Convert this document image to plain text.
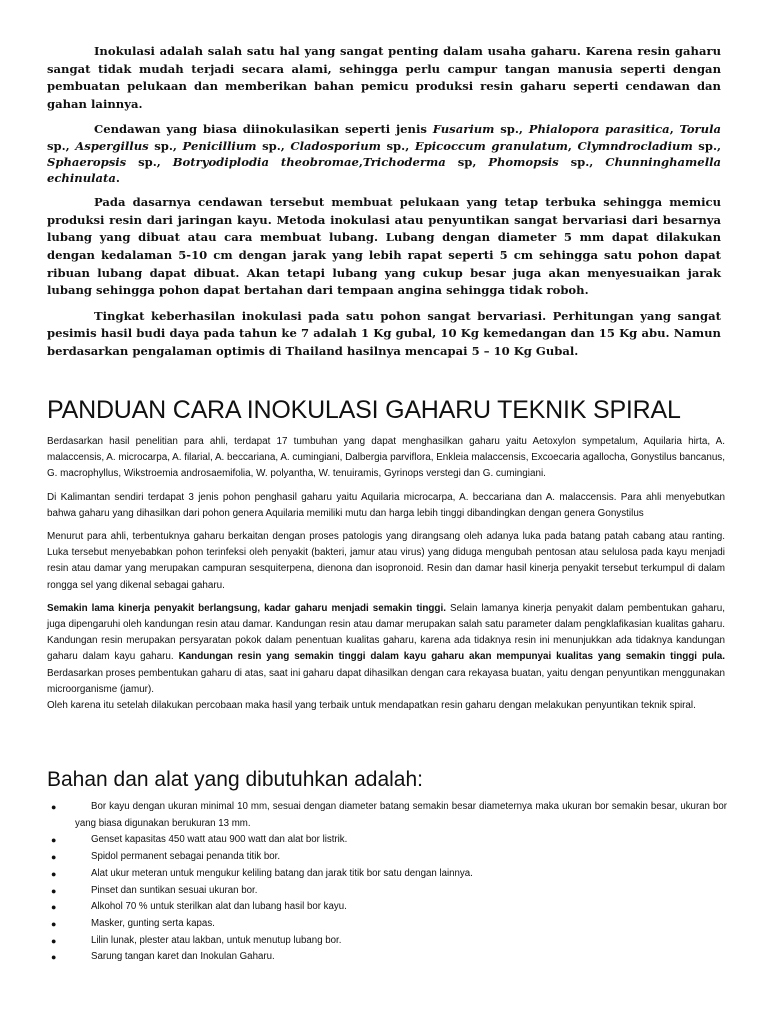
Inokulasi adalah salah satu hal yang sangat penting dalam usaha gaharu. Karena resin gaharu sangat tidak mudah terjadi secara alami, sehingga perlu campur tangan manusia seperti dengan pembuatan pelukaan dan memberikan bahan pemicu produksi resin gaharu seperti cendawan dan gahan lainnya.

Cendawan yang biasa diinokulasikan seperti jenis Fusarium sp., Phialopora parasitica, Torula sp., Aspergillus sp., Penicillium sp., Cladosporium sp., Epicoccum granulatum, Clymndrocladium sp., Sphaeropsis sp., Botryodiplodia theobromae,Trichoderma sp, Phomopsis sp., Chunninghamella echinulata.

Pada dasarnya cendawan tersebut membuat pelukaan yang tetap terbuka sehingga memicu produksi resin dari jaringan kayu. Metoda inokulasi atau penyuntikan sangat bervariasi dari besarnya lubang yang dibuat atau cara membuat lubang. Lubang dengan diameter 5 mm dapat dilakukan dengan kedalaman 5-10 cm dengan jarak yang lebih rapat seperti 5 cm sehingga satu pohon dapat ribuan lubang dapat dibuat. Akan tetapi lubang yang cukup besar juga akan menyesuaikan jarak lubang sehingga pohon dapat bertahan dari tempaan angina sehingga tidak roboh.

Tingkat keberhasilan inokulasi pada satu pohon sangat bervariasi. Perhitungan yang sangat pesimis hasil budi daya pada tahun ke 7 adalah 1 Kg gubal, 10 Kg kemedangan dan 15 Kg abu. Namun berdasarkan pengalaman optimis di Thailand hasilnya mencapai 5 – 10 Kg Gubal.

PANDUAN CARA INOKULASI GAHARU TEKNIK SPIRAL

Berdasarkan hasil penelitian para ahli, terdapat 17 tumbuhan yang dapat menghasilkan gaharu yaitu Aetoxylon sympetalum, Aquilaria hirta, A. malaccensis, A. microcarpa, A. filarial, A. beccariana, A. cumingiani, Dalbergia parviflora, Enkleia malaccensis, Excoecaria agallocha, Gonystilus bancanus, G. macrophyllus, Wikstroemia androsaemifolia, W. polyantha, W. tenuiramis, Gyrinops verstegi dan G. cumingiani.

Di Kalimantan sendiri terdapat 3 jenis pohon penghasil gaharu yaitu Aquilaria microcarpa, A. beccariana dan A. malaccensis. Para ahli menyebutkan bahwa gaharu yang dihasilkan dari pohon genera Aquilaria memiliki mutu dan harga lebih tinggi dibandingkan dengan genera Gonystilus

Menurut para ahli, terbentuknya gaharu berkaitan dengan proses patologis yang dirangsang oleh adanya luka pada batang patah cabang atau ranting. Luka tersebut menyebabkan pohon terinfeksi oleh penyakit (bakteri, jamur atau virus) yang diduga mengubah pentosan atau selulosa pada kayu menjadi resin atau damar yang merupakan campuran sesquiterpena, dienona dan isopronoid. Resin dan damar hasil kinerja penyakit tersebut terkumpul di dalam rongga sel yang dikenal sebagai gaharu.

Semakin lama kinerja penyakit berlangsung, kadar gaharu menjadi semakin tinggi. Selain lamanya kinerja penyakit dalam pembentukan gaharu, juga dipengaruhi oleh kandungan resin atau damar. Kandungan resin atau damar merupakan salah satu parameter dalam pengklafikasian kualitas gaharu. Kandungan resin merupakan persyaratan pokok dalam penentuan kualitas gaharu, karena ada tidaknya resin ini menunjukkan ada tidaknya kandungan gaharu dalam kayu gaharu. Kandungan resin yang semakin tinggi dalam kayu gaharu akan mempunyai kualitas yang semakin tinggi pula. Berdasarkan proses pembentukan gaharu di atas, saat ini gaharu dapat dihasilkan dengan cara rekayasa buatan, yaitu dengan penyuntikan menggunakan microorganisme (jamur).

Oleh karena itu setelah dilakukan percobaan maka hasil yang terbaik untuk mendapatkan resin gaharu dengan melakukan penyuntikan teknik spiral.

Bahan dan alat yang dibutuhkan adalah:
●	Bor kayu dengan ukuran minimal 10 mm, sesuai dengan diameter batang semakin besar diameternya maka ukuran bor semakin besar, ukuran bor yang biasa digunakan berukuran 13 mm.
●	Genset kapasitas 450 watt atau 900 watt dan alat bor listrik.
●	Spidol permanent sebagai penanda titik bor.
●	Alat ukur meteran untuk mengukur keliling batang dan jarak titik bor satu dengan lainnya.
●	Pinset dan suntikan sesuai ukuran bor.
●	Alkohol 70 % untuk sterilkan alat dan lubang hasil bor kayu.
●	Masker, gunting serta kapas.
●	Lilin lunak, plester atau lakban, untuk menutup lubang bor.
●	Sarung tangan karet dan Inokulan Gaharu.
